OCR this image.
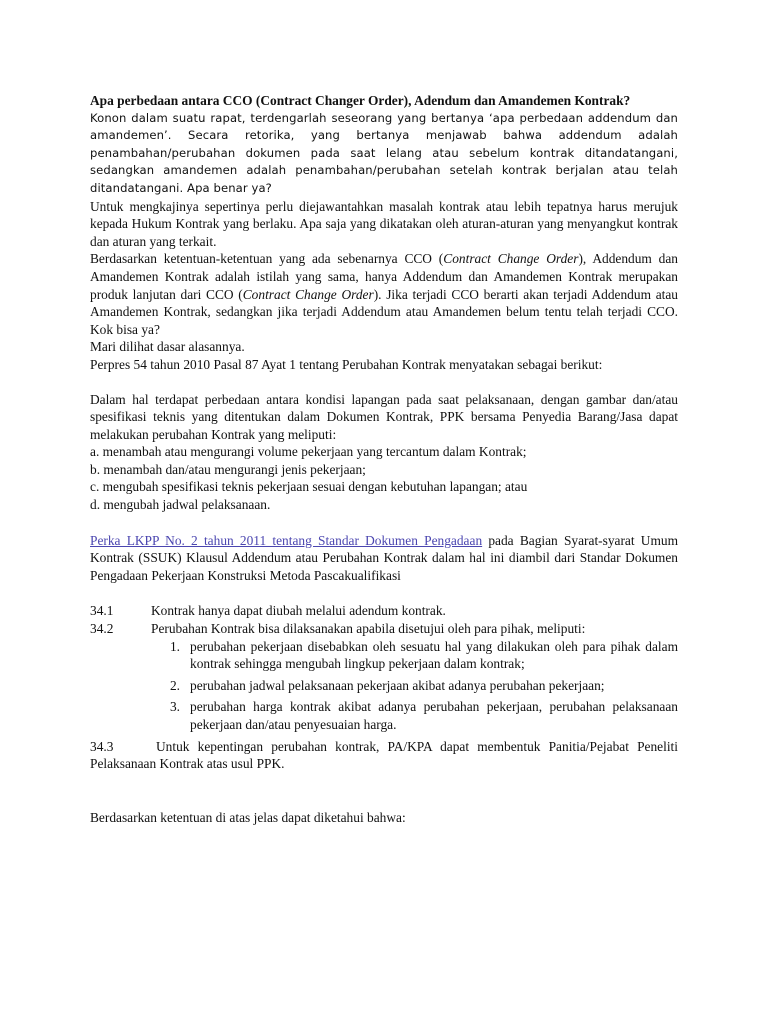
Apa perbedaan antara CCO (Contract Changer Order), Adendum dan Amandemen Kontrak?

Konon dalam suatu rapat, terdengarlah seseorang yang bertanya ‘apa perbedaan addendum dan amandemen’. Secara retorika, yang bertanya menjawab bahwa addendum adalah penambahan/perubahan dokumen pada saat lelang atau sebelum kontrak ditandatangani, sedangkan amandemen adalah penambahan/perubahan setelah kontrak berjalan atau telah ditandatangani. Apa benar ya?

Untuk mengkajinya sepertinya perlu diejawantahkan masalah kontrak atau lebih tepatnya harus merujuk kepada Hukum Kontrak yang berlaku. Apa saja yang dikatakan oleh aturan-aturan yang menyangkut kontrak dan aturan yang terkait.

Berdasarkan ketentuan-ketentuan yang ada sebenarnya CCO (Contract Change Order), Addendum dan Amandemen Kontrak adalah istilah yang sama, hanya Addendum dan Amandemen Kontrak merupakan produk lanjutan dari CCO (Contract Change Order). Jika terjadi CCO berarti akan terjadi Addendum atau Amandemen Kontrak, sedangkan jika terjadi Addendum atau Amandemen belum tentu telah terjadi CCO. Kok bisa ya?

Mari dilihat dasar alasannya.

Perpres 54 tahun 2010 Pasal 87 Ayat 1 tentang Perubahan Kontrak menyatakan sebagai berikut:

Dalam hal terdapat perbedaan antara kondisi lapangan pada saat pelaksanaan, dengan gambar dan/atau spesifikasi teknis yang ditentukan dalam Dokumen Kontrak, PPK bersama Penyedia Barang/Jasa dapat melakukan perubahan Kontrak yang meliputi:

a. menambah atau mengurangi volume pekerjaan yang tercantum dalam Kontrak;

b. menambah dan/atau mengurangi jenis pekerjaan;

c. mengubah spesifikasi teknis pekerjaan sesuai dengan kebutuhan lapangan; atau

d. mengubah jadwal pelaksanaan.

Perka LKPP No. 2 tahun 2011 tentang Standar Dokumen Pengadaan pada Bagian Syarat-syarat Umum Kontrak (SSUK) Klausul Addendum atau Perubahan Kontrak dalam hal ini diambil dari Standar Dokumen Pengadaan Pekerjaan Konstruksi Metoda Pascakualifikasi

34.1	Kontrak hanya dapat diubah melalui adendum kontrak.
34.2	Perubahan Kontrak bisa dilaksanakan apabila disetujui oleh para pihak, meliputi:
1. perubahan pekerjaan disebabkan oleh sesuatu hal yang dilakukan oleh para pihak dalam kontrak sehingga mengubah lingkup pekerjaan dalam kontrak;
2. perubahan jadwal pelaksanaan pekerjaan akibat adanya perubahan pekerjaan;
3. perubahan harga kontrak akibat adanya perubahan pekerjaan, perubahan pelaksanaan pekerjaan dan/atau penyesuaian harga.

34.3	Untuk kepentingan perubahan kontrak, PA/KPA dapat membentuk Panitia/Pejabat Peneliti Pelaksanaan Kontrak atas usul PPK.

Berdasarkan ketentuan di atas jelas dapat diketahui bahwa:
